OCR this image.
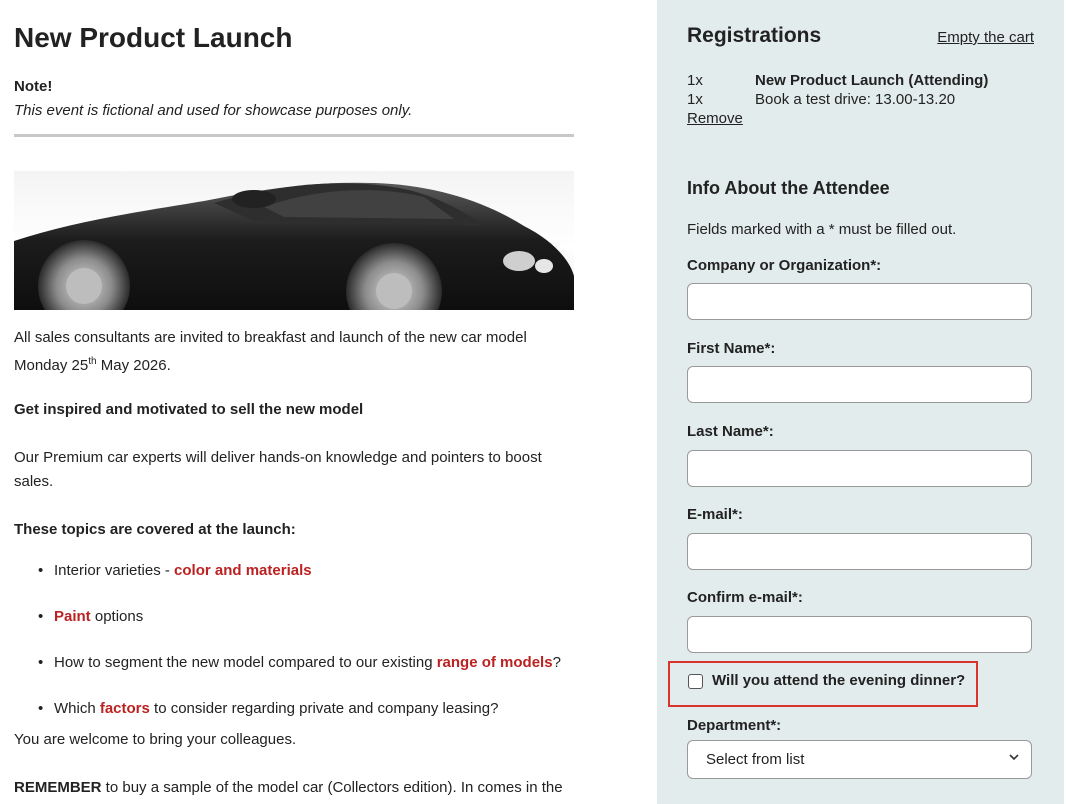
New Product Launch
Note!
This event is fictional and used for showcase purposes only.
All sales consultants are invited to breakfast and launch of the new car model
Monday 25th May 2026.
Get inspired and motivated to sell the new model
Our Premium car experts will deliver hands-on knowledge and pointers to boost
sales.
These topics are covered at the launch:
• Interior varieties - color and materials
• Paint options
• How to segment the new model compared to our existing range of models?
• Which factors to consider regarding private and company leasing?
You are welcome to bring your colleagues.
REMEMBER to buy a sample of the model car (Collectors edition). In comes in the
Registrations	Empty the cart
1x	New Product Launch (Attending)
1x	Book a test drive: 13.00-13.20
Remove
Info About the Attendee
Fields marked with a * must be filled out.
Company or Organization*:
First Name*:
Last Name*:
E-mail*:
Confirm e-mail*:
Will you attend the evening dinner?
Department*:
Select from list
